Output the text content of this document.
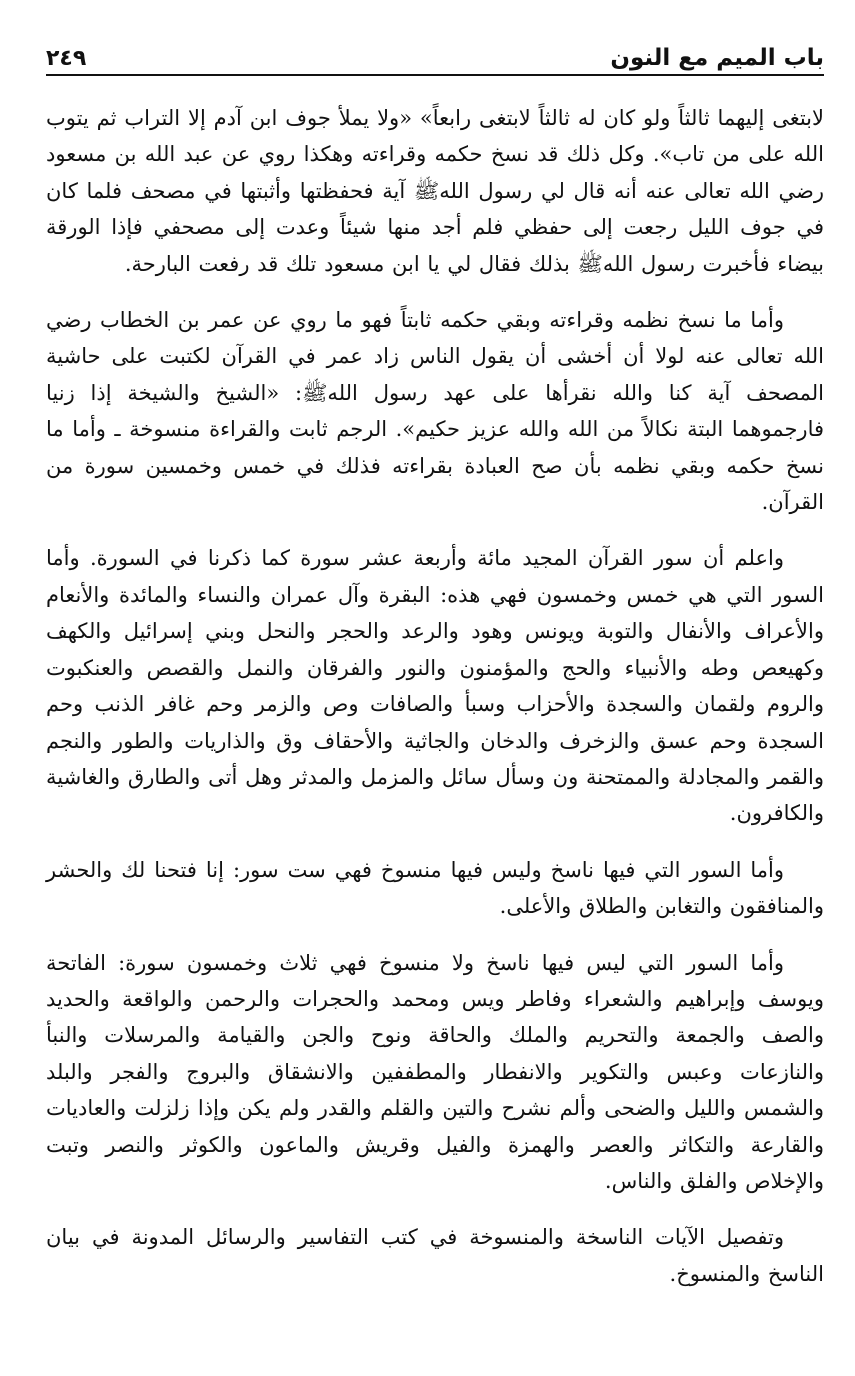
باب الميم مع النون
٢٤٩

لابتغى إليهما ثالثاً ولو كان له ثالثاً لابتغى رابعاً» «ولا يملأ جوف ابن آدم إلا التراب ثم يتوب الله على من تاب». وكل ذلك قد نسخ حكمه وقراءته وهكذا روي عن عبد الله بن مسعود رضي الله تعالى عنه أنه قال لي رسول اللهﷺ آية فحفظتها وأثبتها في مصحف فلما كان في جوف الليل رجعت إلى حفظي فلم أجد منها شيئاً وعدت إلى مصحفي فإذا الورقة بيضاء فأخبرت رسول اللهﷺ بذلك فقال لي يا ابن مسعود تلك قد رفعت البارحة.

وأما ما نسخ نظمه وقراءته وبقي حكمه ثابتاً فهو ما روي عن عمر بن الخطاب رضي الله تعالى عنه لولا أن أخشى أن يقول الناس زاد عمر في القرآن لكتبت على حاشية المصحف آية كنا والله نقرأها على عهد رسول اللهﷺ: «الشيخ والشيخة إذا زنيا فارجموهما البتة نكالاً من الله والله عزيز حكيم». الرجم ثابت والقراءة منسوخة ـ وأما ما نسخ حكمه وبقي نظمه بأن صح العبادة بقراءته فذلك في خمس وخمسين سورة من القرآن.

واعلم أن سور القرآن المجيد مائة وأربعة عشر سورة كما ذكرنا في السورة. وأما السور التي هي خمس وخمسون فهي هذه: البقرة وآل عمران والنساء والمائدة والأنعام والأعراف والأنفال والتوبة ويونس وهود والرعد والحجر والنحل وبني إسرائيل والكهف وكهيعص وطه والأنبياء والحج والمؤمنون والنور والفرقان والنمل والقصص والعنكبوت والروم ولقمان والسجدة والأحزاب وسبأ والصافات وص والزمر وحم غافر الذنب وحم السجدة وحم عسق والزخرف والدخان والجاثية والأحقاف وق والذاريات والطور والنجم والقمر والمجادلة والممتحنة ون وسأل سائل والمزمل والمدثر وهل أتى والطارق والغاشية والكافرون.

وأما السور التي فيها ناسخ وليس فيها منسوخ فهي ست سور: إنا فتحنا لك والحشر والمنافقون والتغابن والطلاق والأعلى.

وأما السور التي ليس فيها ناسخ ولا منسوخ فهي ثلاث وخمسون سورة: الفاتحة ويوسف وإبراهيم والشعراء وفاطر ويس ومحمد والحجرات والرحمن والواقعة والحديد والصف والجمعة والتحريم والملك والحاقة ونوح والجن والقيامة والمرسلات والنبأ والنازعات وعبس والتكوير والانفطار والمطففين والانشقاق والبروج والفجر والبلد والشمس والليل والضحى وألم نشرح والتين والقلم والقدر ولم يكن وإذا زلزلت والعاديات والقارعة والتكاثر والعصر والهمزة والفيل وقريش والماعون والكوثر والنصر وتبت والإخلاص والفلق والناس.

وتفصيل الآيات الناسخة والمنسوخة في كتب التفاسير والرسائل المدونة في بيان الناسخ والمنسوخ.
